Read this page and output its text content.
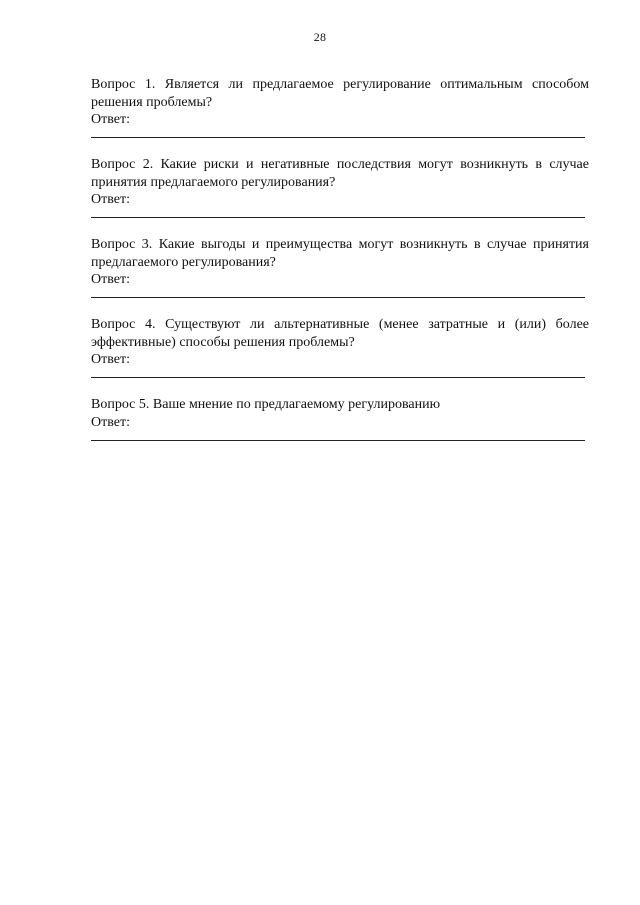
28

Вопрос 1. Является ли предлагаемое регулирование оптимальным способом решения проблемы?

Ответ:

Вопрос 2. Какие риски и негативные последствия могут возникнуть в случае принятия предлагаемого регулирования?

Ответ:

Вопрос 3. Какие выгоды и преимущества могут возникнуть в случае принятия предлагаемого регулирования?

Ответ:

Вопрос 4. Существуют ли альтернативные (менее затратные и (или) более эффективные) способы решения проблемы?

Ответ:

Вопрос 5. Ваше мнение по предлагаемому регулированию

Ответ:
